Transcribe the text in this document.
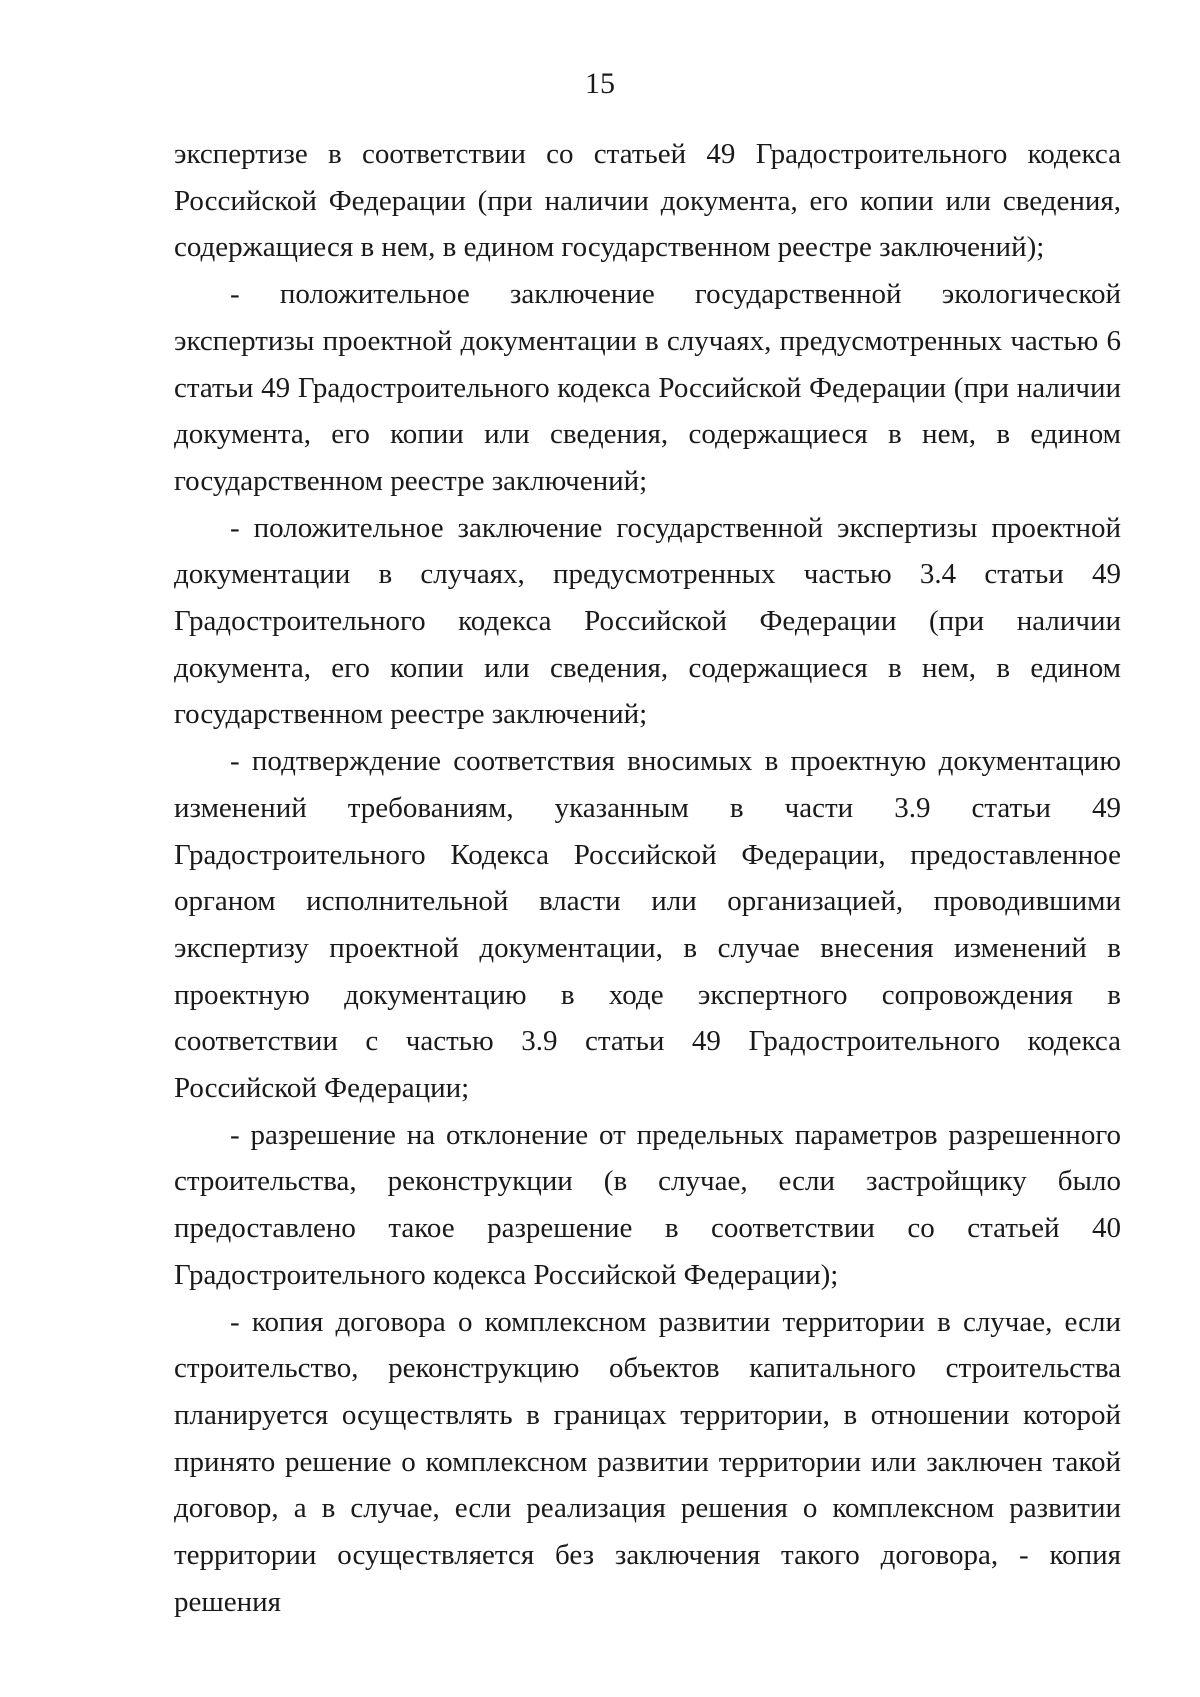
15

экспертизе в соответствии со статьей 49 Градостроительного кодекса Российской Федерации (при наличии документа, его копии или сведения, содержащиеся в нем, в едином государственном реестре заключений);

- положительное заключение государственной экологической экспертизы проектной документации в случаях, предусмотренных частью 6 статьи 49 Градостроительного кодекса Российской Федерации (при наличии документа, его копии или сведения, содержащиеся в нем, в едином государственном реестре заключений;

- положительное заключение государственной экспертизы проектной документации в случаях, предусмотренных частью 3.4 статьи 49 Градостроительного кодекса Российской Федерации (при наличии документа, его копии или сведения, содержащиеся в нем, в едином государственном реестре заключений;

- подтверждение соответствия вносимых в проектную документацию изменений требованиям, указанным в части 3.9 статьи 49 Градостроительного Кодекса Российской Федерации, предоставленное органом исполнительной власти или организацией, проводившими экспертизу проектной документации, в случае внесения изменений в проектную документацию в ходе экспертного сопровождения в соответствии с частью 3.9 статьи 49 Градостроительного кодекса Российской Федерации;

- разрешение на отклонение от предельных параметров разрешенного строительства, реконструкции (в случае, если застройщику было предоставлено такое разрешение в соответствии со статьей 40 Градостроительного кодекса Российской Федерации);

- копия договора о комплексном развитии территории в случае, если строительство, реконструкцию объектов капитального строительства планируется осуществлять в границах территории, в отношении которой принято решение о комплексном развитии территории или заключен такой договор, а в случае, если реализация решения о комплексном развитии территории осуществляется без заключения такого договора, - копия решения
